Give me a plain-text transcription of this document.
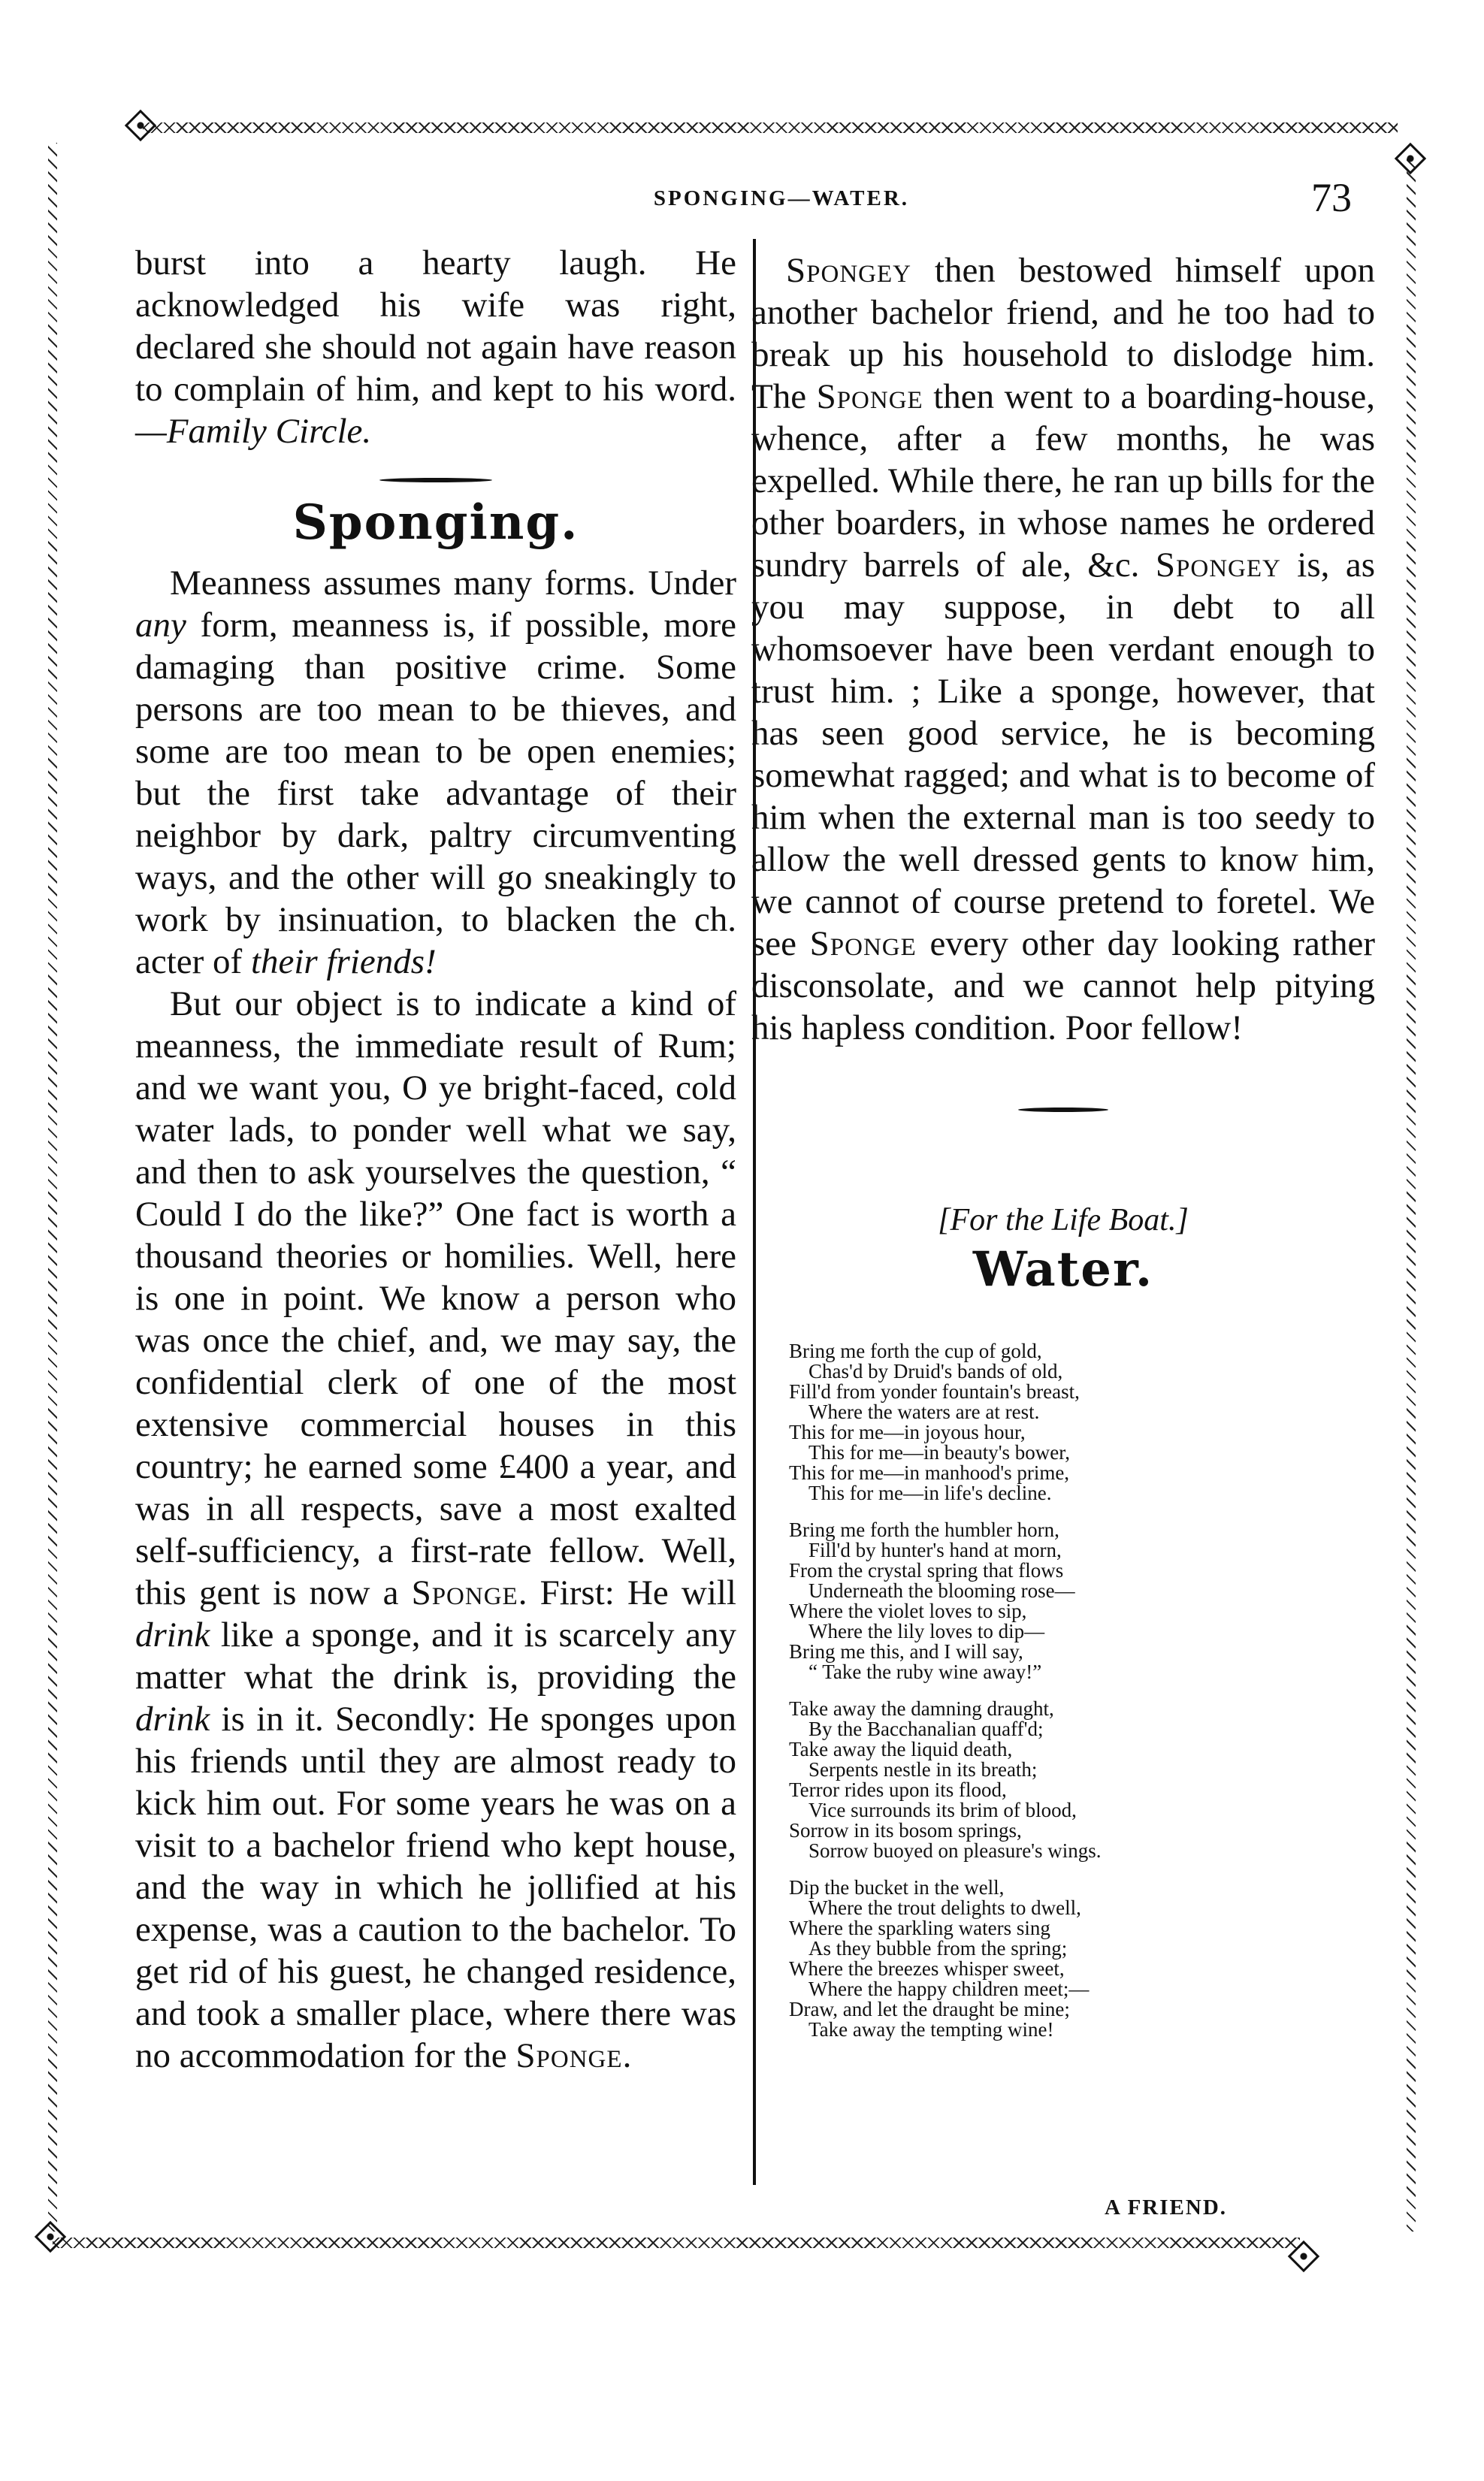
SPONGING—WATER.	73

burst into a hearty laugh. He acknowledged his wife was right, declared she should not again have reason to complain of him, and kept to his word.—Family Circle.

Sponging.

Meanness assumes many forms. Under any form, meanness is, if possible, more damaging than positive crime. Some persons are too mean to be thieves, and some are too mean to be open enemies; but the first take advantage of their neighbor by dark, paltry circumventing ways, and the other will go sneakingly to work by insinuation, to blacken the ch. acter of their friends!

But our object is to indicate a kind of meanness, the immediate result of Rum; and we want you, O ye bright-faced, cold water lads, to ponder well what we say, and then to ask yourselves the question, “ Could I do the like?” One fact is worth a thousand theories or homilies. Well, here is one in point. We know a person who was once the chief, and, we may say, the confidential clerk of one of the most extensive commercial houses in this country; he earned some £400 a year, and was in all respects, save a most exalted self-sufficiency, a first-rate fellow. Well, this gent is now a Sponge. First: He will drink like a sponge, and it is scarcely any matter what the drink is, providing the drink is in it. Secondly: He sponges upon his friends until they are almost ready to kick him out. For some years he was on a visit to a bachelor friend who kept house, and the way in which he jollified at his expense, was a caution to the bachelor. To get rid of his guest, he changed residence, and took a smaller place, where there was no accommodation for the Sponge.

Spongey then bestowed himself upon another bachelor friend, and he too had to break up his household to dislodge him. The Sponge then went to a boarding-house, whence, after a few months, he was expelled. While there, he ran up bills for the other boarders, in whose names he ordered sundry barrels of ale, &c. Spongey is, as you may suppose, in debt to all whomsoever have been verdant enough to trust him. ; Like a sponge, however, that has seen good service, he is becoming somewhat ragged; and what is to become of him when the external man is too seedy to allow the well dressed gents to know him, we cannot of course pretend to foretel. We see Sponge every other day looking rather disconsolate, and we cannot help pitying his hapless condition. Poor fellow!

[For the Life Boat.]
Water.
Bring me forth the cup of gold,
Chas'd by Druid's bands of old,
Fill'd from yonder fountain's breast,
Where the waters are at rest.
This for me—in joyous hour,
This for me—in beauty's bower,
This for me—in manhood's prime,
This for me—in life's decline.
Bring me forth the humbler horn,
Fill'd by hunter's hand at morn,
From the crystal spring that flows
Underneath the blooming rose—
Where the violet loves to sip,
Where the lily loves to dip—
Bring me this, and I will say,
“ Take the ruby wine away!”
Take away the damning draught,
By the Bacchanalian quaff'd;
Take away the liquid death,
Serpents nestle in its breath;
Terror rides upon its flood,
Vice surrounds its brim of blood,
Sorrow in its bosom springs,
Sorrow buoyed on pleasure's wings.
Dip the bucket in the well,
Where the trout delights to dwell,
Where the sparkling waters sing
As they bubble from the spring;
Where the breezes whisper sweet,
Where the happy children meet;—
Draw, and let the draught be mine;
Take away the tempting wine!
A FRIEND.
